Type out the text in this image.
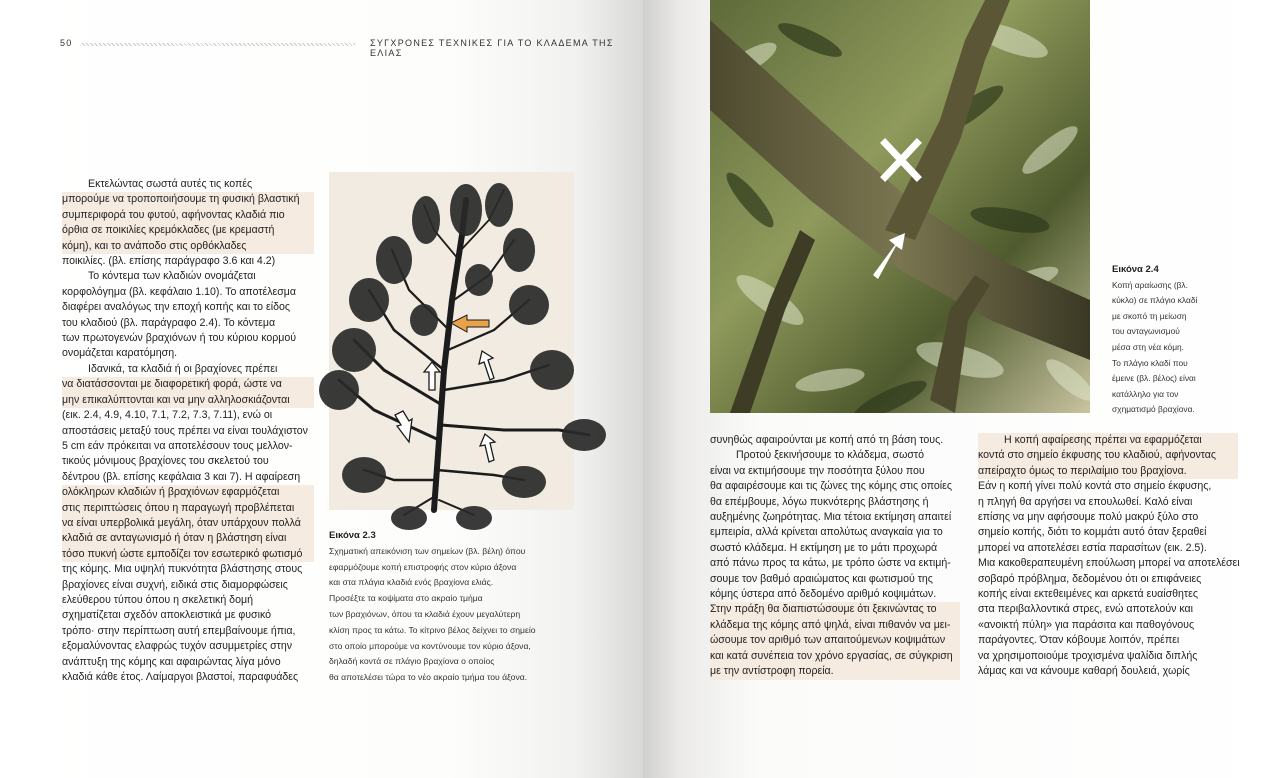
50	ΣΥΓΧΡΟΝΕΣ ΤΕΧΝΙΚΕΣ ΓΙΑ ΤΟ ΚΛΑΔΕΜΑ ΤΗΣ ΕΛΙΑΣ
Εκτελώντας σωστά αυτές τις κοπές
μπορούμε να τροποποιήσουμε τη φυσική βλαστική
συμπεριφορά του φυτού, αφήνοντας κλαδιά πιο
όρθια σε ποικιλίες κρεμόκλαδες (με κρεμαστή
κόμη), και το ανάποδο στις ορθόκλαδες
ποικιλίες. (βλ. επίσης παράγραφο 3.6 και 4.2)
Το κόντεμα των κλαδιών ονομάζεται
κορφολόγημα (βλ. κεφάλαιο 1.10). Το αποτέλεσμα
διαφέρει αναλόγως την εποχή κοπής και το είδος
του κλαδιού (βλ. παράγραφο 2.4). Το κόντεμα
των πρωτογενών βραχιόνων ή του κύριου κορμού
ονομάζεται καρατόμηση.
Ιδανικά, τα κλαδιά ή οι βραχίονες πρέπει
να διατάσσονται με διαφορετική φορά, ώστε να
μην επικαλύπτονται και να μην αλληλοσκιάζονται
(εικ. 2.4, 4.9, 4.10, 7.1, 7.2, 7.3, 7.11), ενώ οι
αποστάσεις μεταξύ τους πρέπει να είναι τουλάχιστον
5 cm εάν πρόκειται να αποτελέσουν τους μελλον-
τικούς μόνιμους βραχίονες του σκελετού του
δέντρου (βλ. επίσης κεφάλαια 3 και 7). Η αφαίρεση
ολόκληρων κλαδιών ή βραχιόνων εφαρμόζεται
στις περιπτώσεις όπου η παραγωγή προβλέπεται
να είναι υπερβολικά μεγάλη, όταν υπάρχουν πολλά
κλαδιά σε ανταγωνισμό ή όταν η βλάστηση είναι
τόσο πυκνή ώστε εμποδίζει τον εσωτερικό φωτισμό
της κόμης. Μια υψηλή πυκνότητα βλάστησης στους
βραχίονες είναι συχνή, ειδικά στις διαμορφώσεις
ελεύθερου τύπου όπου η σκελετική δομή
σχηματίζεται σχεδόν αποκλειστικά με φυσικό
τρόπο· στην περίπτωση αυτή επεμβαίνουμε ήπια,
εξομαλύνοντας ελαφρώς τυχόν ασυμμετρίες στην
ανάπτυξη της κόμης και αφαιρώντας λίγα μόνο
κλαδιά κάθε έτος. Λαίμαργοι βλαστοί, παραφυάδες
Εικόνα 2.3
Σχηματική απεικόνιση των σημείων (βλ. βέλη) όπου
εφαρμόζουμε κοπή επιστροφής στον κύριο άξονα
και στα πλάγια κλαδιά ενός βραχίονα ελιάς.
Προσέξτε τα κοψίματα στο ακραίο τμήμα
των βραχιόνων, όπου τα κλαδιά έχουν μεγαλύτερη
κλίση προς τα κάτω. Το κίτρινο βέλος δείχνει το σημείο
στο οποίο μπορούμε να κοντύνουμε τον κύριο άξονα,
δηλαδή κοντά σε πλάγιο βραχίονα ο οποίος
θα αποτελέσει τώρα το νέο ακραίο τμήμα του άξονα.
Εικόνα 2.4
Κοπή αραίωσης (βλ.
κύκλο) σε πλάγιο κλαδί
με σκοπό τη μείωση
του ανταγωνισμού
μέσα στη νέα κόμη.
Το πλάγιο κλαδί που
έμεινε (βλ. βέλος) είναι
κατάλληλο για τον
σχηματισμό βραχίονα.
συνηθώς αφαιρούνται με κοπή από τη βάση τους.
Προτού ξεκινήσουμε το κλάδεμα, σωστό
είναι να εκτιμήσουμε την ποσότητα ξύλου που
θα αφαιρέσουμε και τις ζώνες της κόμης στις οποίες
θα επέμβουμε, λόγω πυκνότερης βλάστησης ή
αυξημένης ζωηρότητας. Μια τέτοια εκτίμηση απαιτεί
εμπειρία, αλλά κρίνεται απολύτως αναγκαία για το
σωστό κλάδεμα. Η εκτίμηση με το μάτι προχωρά
από πάνω προς τα κάτω, με τρόπο ώστε να εκτιμή-
σουμε τον βαθμό αραιώματος και φωτισμού της
κόμης ύστερα από δεδομένο αριθμό κοψιμάτων.
Στην πράξη θα διαπιστώσουμε ότι ξεκινώντας το
κλάδεμα της κόμης από ψηλά, είναι πιθανόν να μει-
ώσουμε τον αριθμό των απαιτούμενων κοψιμάτων
και κατά συνέπεια τον χρόνο εργασίας, σε σύγκριση
με την αντίστροφη πορεία.
Η κοπή αφαίρεσης πρέπει να εφαρμόζεται
κοντά στο σημείο έκφυσης του κλαδιού, αφήνοντας
απείραχτο όμως το περιλαίμιο του βραχίονα.
Εάν η κοπή γίνει πολύ κοντά στο σημείο έκφυσης,
η πληγή θα αργήσει να επουλωθεί. Καλό είναι
επίσης να μην αφήσουμε πολύ μακρύ ξύλο στο
σημείο κοπής, διότι το κομμάτι αυτό όταν ξεραθεί
μπορεί να αποτελέσει εστία παρασίτων (εικ. 2.5).
Μια κακοθεραπευμένη επούλωση μπορεί να αποτελέσει
σοβαρό πρόβλημα, δεδομένου ότι οι επιφάνειες
κοπής είναι εκτεθειμένες και αρκετά ευαίσθητες
στα περιβαλλοντικά στρες, ενώ αποτελούν και
«ανοικτή πύλη» για παράσιτα και παθογόνους
παράγοντες. Όταν κόβουμε λοιπόν, πρέπει
να χρησιμοποιούμε τροχισμένα ψαλίδια διπλής
λάμας και να κάνουμε καθαρή δουλειά, χωρίς
